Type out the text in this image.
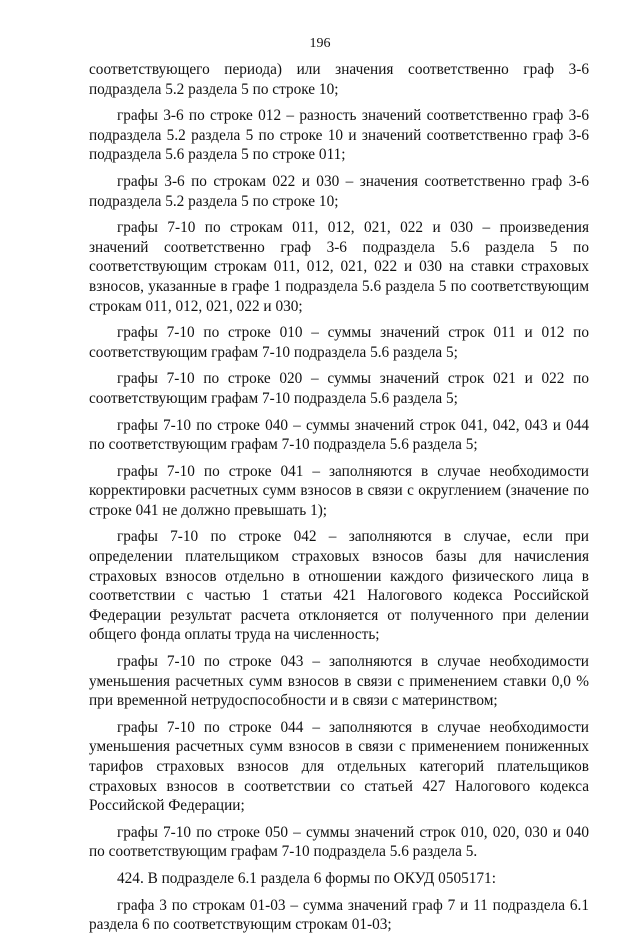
196

соответствующего периода) или значения соответственно граф 3-6 подраздела 5.2 раздела 5 по строке 10;

графы 3-6 по строке 012 – разность значений соответственно граф 3-6 подраздела 5.2 раздела 5 по строке 10 и значений соответственно граф 3-6 подраздела 5.6 раздела 5 по строке 011;

графы 3-6 по строкам 022 и 030 – значения соответственно граф 3-6 подраздела 5.2 раздела 5 по строке 10;

графы 7-10 по строкам 011, 012, 021, 022 и 030 – произведения значений соответственно граф 3-6 подраздела 5.6 раздела 5 по соответствующим строкам 011, 012, 021, 022 и 030 на ставки страховых взносов, указанные в графе 1 подраздела 5.6 раздела 5 по соответствующим строкам 011, 012, 021, 022 и 030;

графы 7-10 по строке 010 – суммы значений строк 011 и 012 по соответствующим графам 7-10 подраздела 5.6 раздела 5;

графы 7-10 по строке 020 – суммы значений строк 021 и 022 по соответствующим графам 7-10 подраздела 5.6 раздела 5;

графы 7-10 по строке 040 – суммы значений строк 041, 042, 043 и 044 по соответствующим графам 7-10 подраздела 5.6 раздела 5;

графы 7-10 по строке 041 – заполняются в случае необходимости корректировки расчетных сумм взносов в связи с округлением (значение по строке 041 не должно превышать 1);

графы 7-10 по строке 042 – заполняются в случае, если при определении плательщиком страховых взносов базы для начисления страховых взносов отдельно в отношении каждого физического лица в соответствии с частью 1 статьи 421 Налогового кодекса Российской Федерации результат расчета отклоняется от полученного при делении общего фонда оплаты труда на численность;

графы 7-10 по строке 043 – заполняются в случае необходимости уменьшения расчетных сумм взносов в связи с применением ставки 0,0 % при временной нетрудоспособности и в связи с материнством;

графы 7-10 по строке 044 – заполняются в случае необходимости уменьшения расчетных сумм взносов в связи с применением пониженных тарифов страховых взносов для отдельных категорий плательщиков страховых взносов в соответствии со статьей 427 Налогового кодекса Российской Федерации;

графы 7-10 по строке 050 – суммы значений строк 010, 020, 030 и 040 по соответствующим графам 7-10 подраздела 5.6 раздела 5.

424. В подразделе 6.1 раздела 6 формы по ОКУД 0505171:

графа 3 по строкам 01-03 – сумма значений граф 7 и 11 подраздела 6.1 раздела 6 по соответствующим строкам 01-03;
